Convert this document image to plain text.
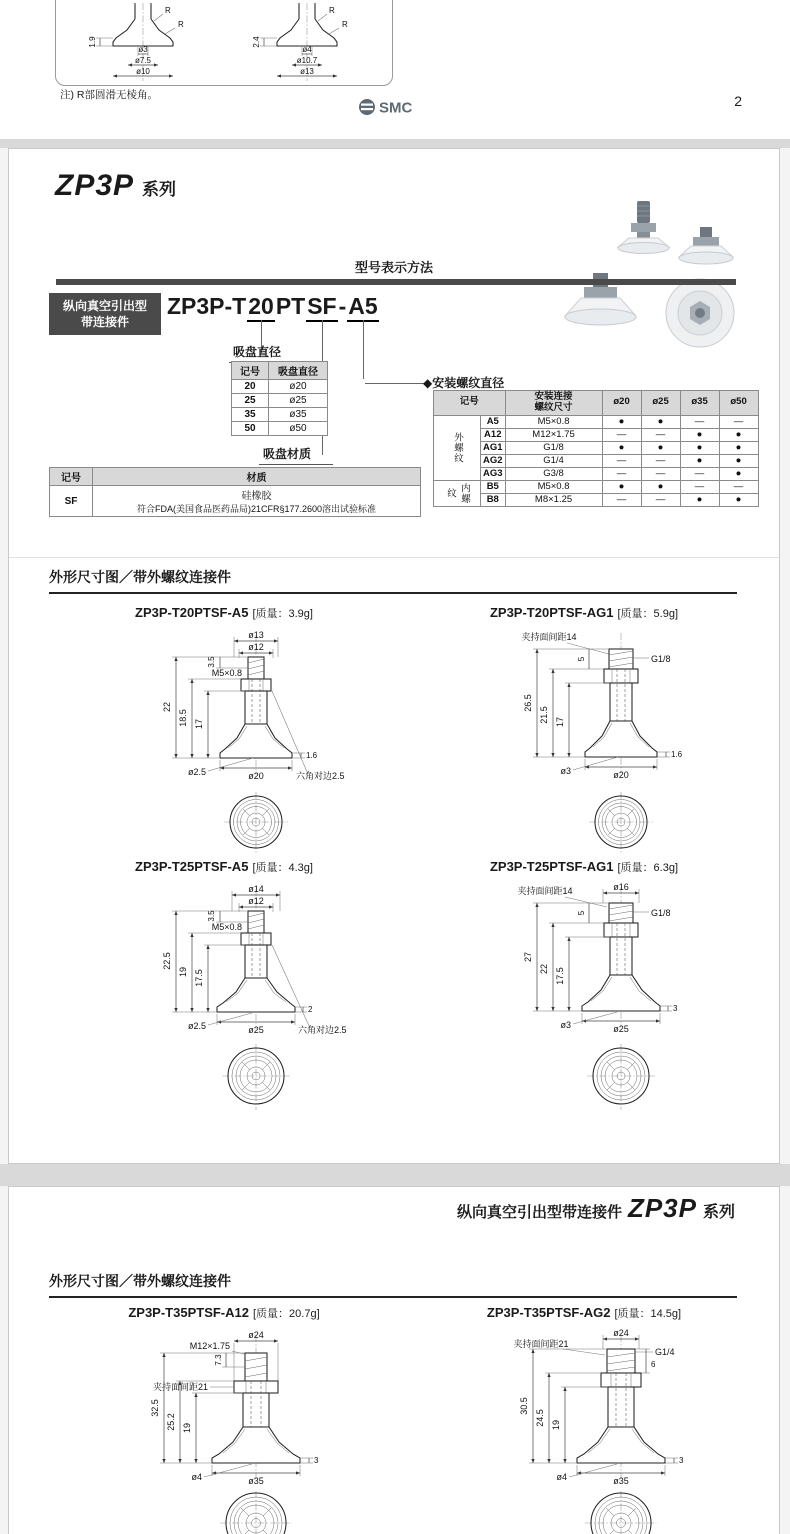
R
R
1.9
ø3
ø7.5
ø10
R
R
2.4
ø4
ø10.7
ø13
注) R部圆滑无棱角。
SMC	2
ZP3P 系列
型号表示方法
纵向真空引出型
带连接件
ZP3P-T20
PTSF
-A5
吸盘直径
记号	吸盘直径
20	ø20
25	ø25
35	ø35
50	ø50
◆安装螺纹直径
记号		安装连接
螺纹尺寸	ø20	ø25	ø35	ø50
外螺纹	A5	M5×0.8	●	●	—	—
	A12	M12×1.75	—	—	●	●
	AG1	G1/8	●	●	●	●
	AG2	G1/4	—	—	●	●
	AG3	G3/8	—	—	—	●
内螺纹	B5	M5×0.8	●	●	—	—
	B8	M8×1.25	—	—	●	●
吸盘材质
记号	材质
SF	硅橡胶
符合FDA(美国食品医药品局)21CFR§177.2600溶出试验标准
外形尺寸图／带外螺纹连接件
ZP3P-T20PTSF-A5 [质量：3.9g]	ZP3P-T20PTSF-AG1 [质量：5.9g]
ø13
ø12
22
18.5 17
3.5
M5×0.8
1.6
ø20
ø2.5	六角对边2.5
夹持面间距14
G1/8
5
26.5
21.5 17
1.6
ø20
ø3
ZP3P-T25PTSF-A5 [质量：4.3g]	ZP3P-T25PTSF-AG1 [质量：6.3g]
ø14
ø12
22.5
19 17.5
3.5
M5×0.8
2
ø25
ø2.5	六角对边2.5
ø16
夹持面间距14
G1/8
5
27
22 17.5
3
ø25
ø3
纵向真空引出型带连接件 ZP3P 系列
外形尺寸图／带外螺纹连接件
ZP3P-T35PTSF-A12 [质量：20.7g]	ZP3P-T35PTSF-AG2 [质量：14.5g]
ø24
M12×1.75
7.3
夹持面间距21
32.5
25.2 19
3
ø35
ø4
ø24
夹持面间距21
G1/4
6
30.5
24.5 19
3
ø35
ø4
